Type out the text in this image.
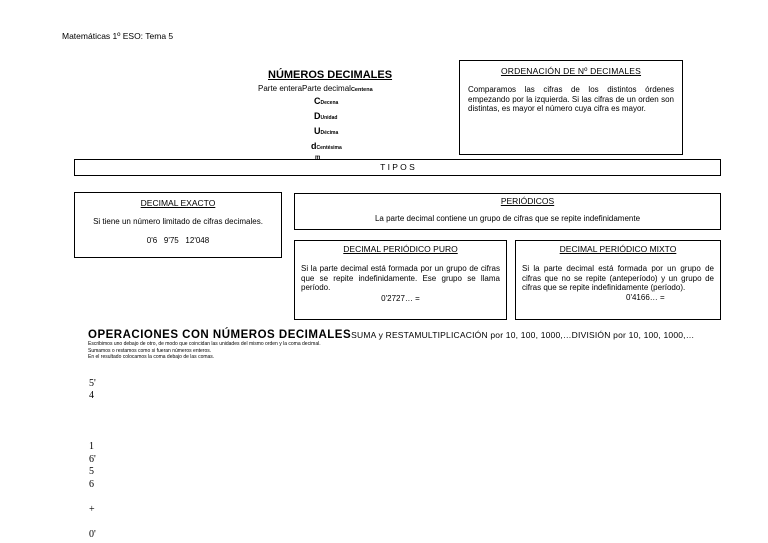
Matemáticas 1º ESO: Tema 5
NÚMEROS DECIMALES
Parte enteraParte decimalCentena
CDecena
DUnidad
UDécima
dCentésima
m
ORDENACIÓN DE Nº DECIMALES
Comparamos las cifras de los distintos órdenes empezando por la izquierda. Si las cifras de un orden son distintas, es mayor el número cuya cifra es mayor.
T I P O S
DECIMAL EXACTO
Si tiene un número limitado de cifras decimales.
0'6   9'75   12'048
PERIÓDICOS
La parte decimal contiene un grupo de cifras que se repite indefinidamente
DECIMAL PERIÓDICO PURO
Si la parte decimal está formada por un grupo de cifras que se repite indefinidamente. Ese grupo se llama período.
0'2727… =
DECIMAL PERIÓDICO MIXTO
Si la parte decimal está formada por un grupo de cifras que no se repite (anteperíodo) y un grupo de cifras que se repite indefinidamente (período).
0'4166… =
OPERACIONES CON NÚMEROS DECIMALESSUMA y RESTAMULTIPLICACIÓN por 10, 100, 1000,…DIVISIÓN por 10, 100, 1000,…
Escribimos uno debajo de otro, de modo que coincidan las unidades del mismo orden y la coma decimal.
Sumamos o restamos como si fueran números enteros.
En el resultado colocamos la coma debajo de las comas.
5'
4
1
6'
5
6
+
0'
